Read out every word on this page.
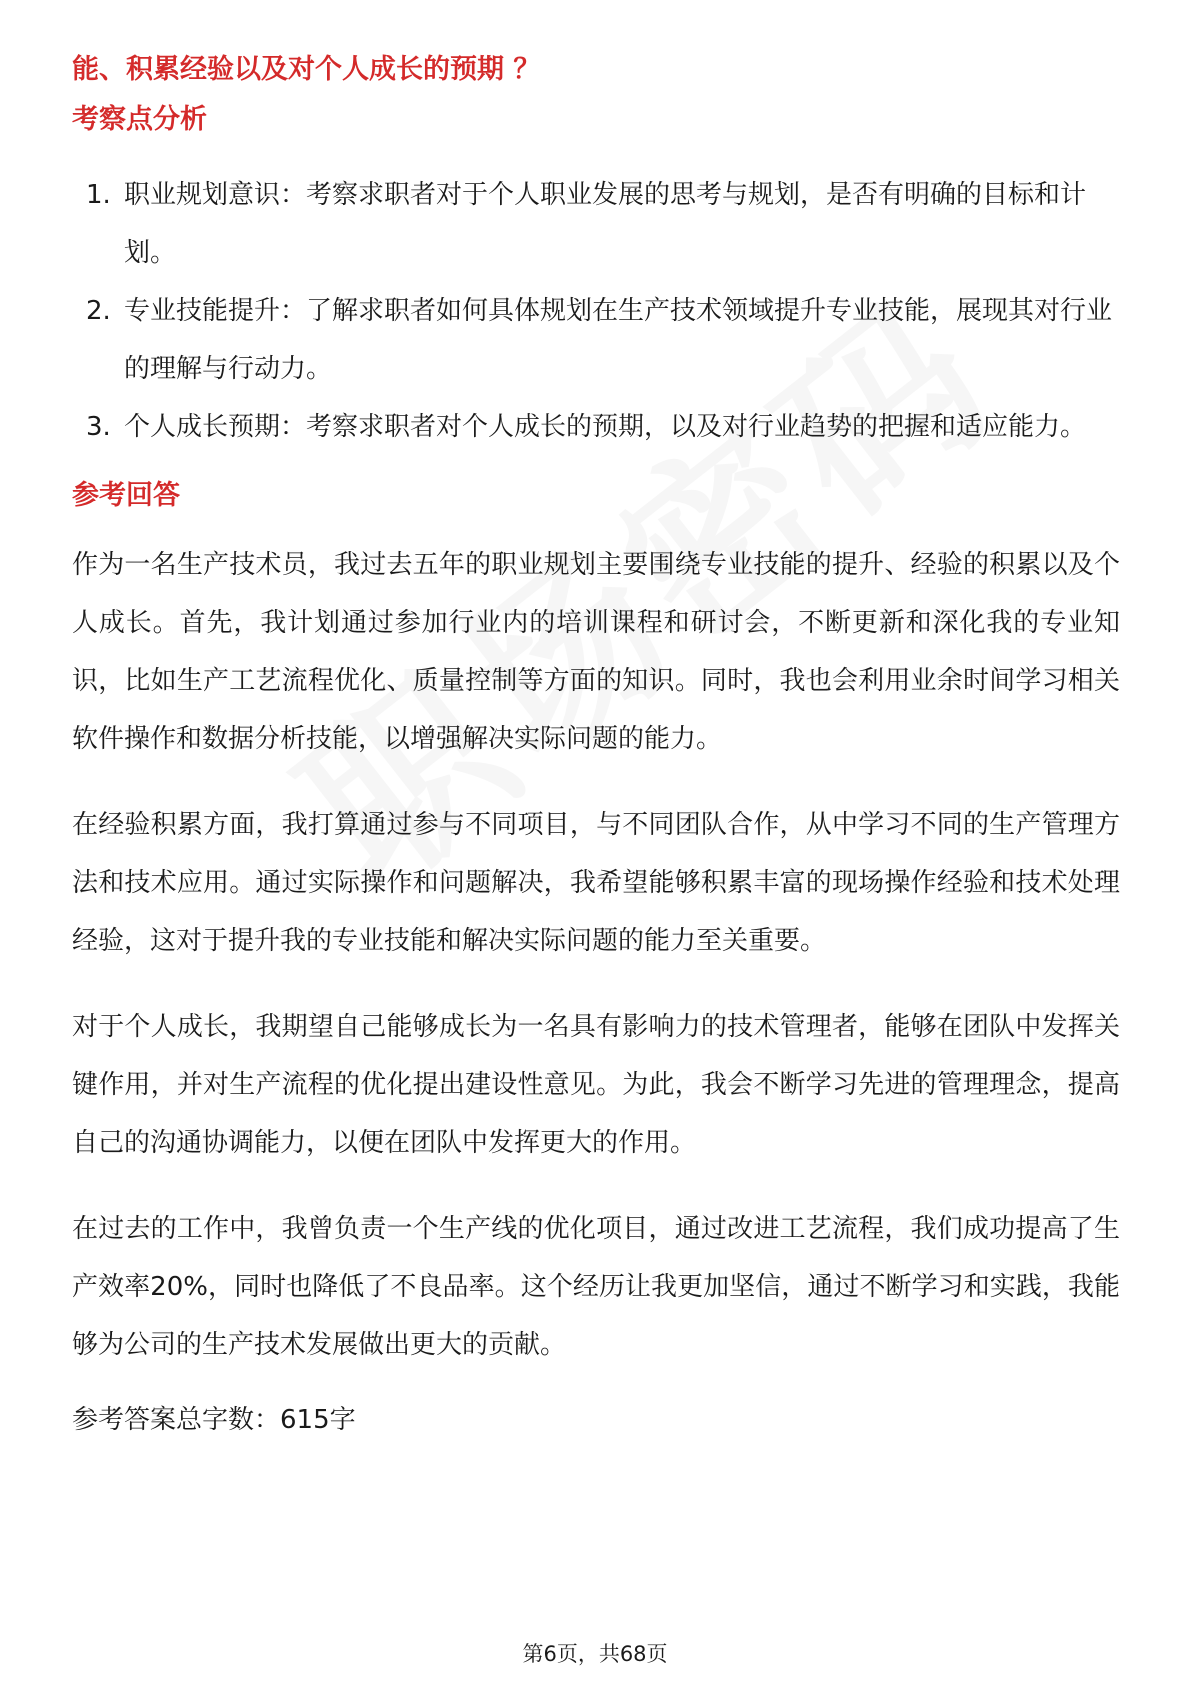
能、积累经验以及对个人成长的预期 ？

考察点分析

1. 职业规划意识：考察求职者对于个人职业发展的思考与规划，是否有明确的目标和计划。
2. 专业技能提升：了解求职者如何具体规划在生产技术领域提升专业技能，展现其对行业的理解与行动力。
3. 个人成长预期：考察求职者对个人成长的预期，以及对行业趋势的把握和适应能力。

参考回答

作为一名生产技术员，我过去五年的职业规划主要围绕专业技能的提升、经验的积累以及个人成长。首先，我计划通过参加行业内的培训课程和研讨会，不断更新和深化我的专业知识，比如生产工艺流程优化、质量控制等方面的知识。同时，我也会利用业余时间学习相关软件操作和数据分析技能，以增强解决实际问题的能力。

在经验积累方面，我打算通过参与不同项目，与不同团队合作，从中学习不同的生产管理方法和技术应用。通过实际操作和问题解决，我希望能够积累丰富的现场操作经验和技术处理经验，这对于提升我的专业技能和解决实际问题的能力至关重要。

对于个人成长，我期望自己能够成长为一名具有影响力的技术管理者，能够在团队中发挥关键作用，并对生产流程的优化提出建设性意见。为此，我会不断学习先进的管理理念，提高自己的沟通协调能力，以便在团队中发挥更大的作用。

在过去的工作中，我曾负责一个生产线的优化项目，通过改进工艺流程，我们成功提高了生产效率20%，同时也降低了不良品率。这个经历让我更加坚信，通过不断学习和实践，我能够为公司的生产技术发展做出更大的贡献。

参考答案总字数：615字

第6页，共68页
